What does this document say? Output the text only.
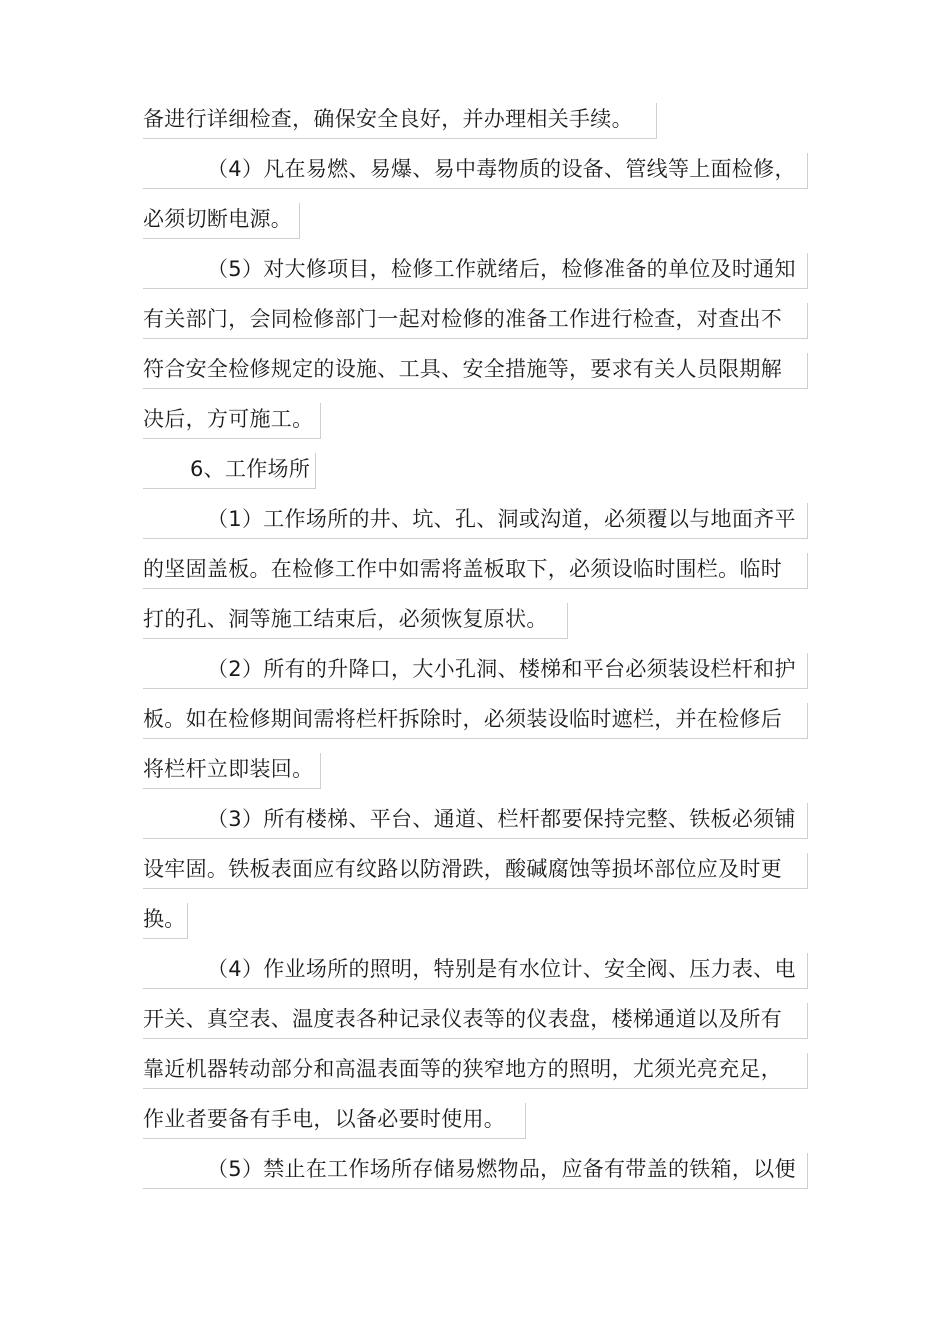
备进行详细检查，确保安全良好，并办理相关手续。
（4）凡在易燃、易爆、易中毒物质的设备、管线等上面检修，
必须切断电源。
（5）对大修项目，检修工作就绪后，检修准备的单位及时通知
有关部门，会同检修部门一起对检修的准备工作进行检查，对查出不
符合安全检修规定的设施、工具、安全措施等，要求有关人员限期解
决后，方可施工。
6、工作场所
（1）工作场所的井、坑、孔、洞或沟道，必须覆以与地面齐平
的坚固盖板。在检修工作中如需将盖板取下，必须设临时围栏。临时
打的孔、洞等施工结束后，必须恢复原状。
（2）所有的升降口，大小孔洞、楼梯和平台必须装设栏杆和护
板。如在检修期间需将栏杆拆除时，必须装设临时遮栏，并在检修后
将栏杆立即装回。
（3）所有楼梯、平台、通道、栏杆都要保持完整、铁板必须铺
设牢固。铁板表面应有纹路以防滑跌，酸碱腐蚀等损坏部位应及时更
换。
（4）作业场所的照明，特别是有水位计、安全阀、压力表、电
开关、真空表、温度表各种记录仪表等的仪表盘，楼梯通道以及所有
靠近机器转动部分和高温表面等的狭窄地方的照明，尤须光亮充足，
作业者要备有手电，以备必要时使用。
（5）禁止在工作场所存储易燃物品，应备有带盖的铁箱，以便
